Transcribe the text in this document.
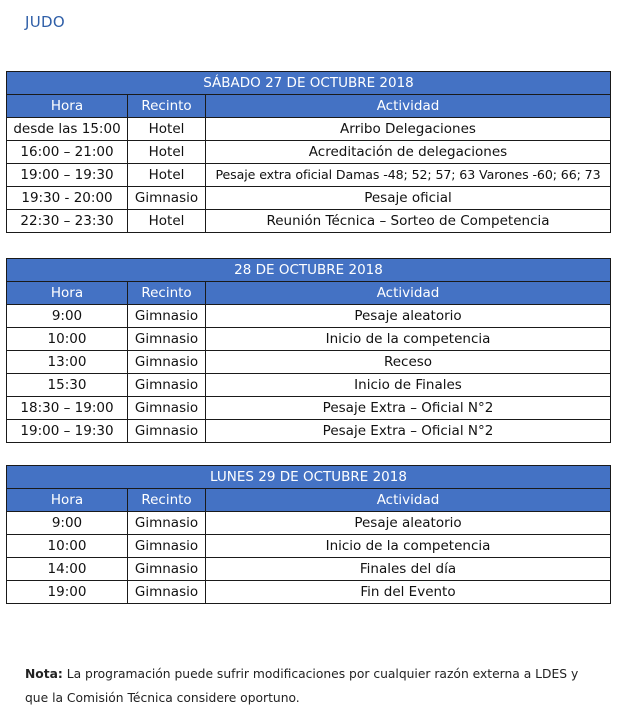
JUDO
SÁBADO 27 DE OCTUBRE 2018		
Hora	Recinto	Actividad
desde las 15:00	Hotel	Arribo Delegaciones
16:00 – 21:00	Hotel	Acreditación de delegaciones
19:00 – 19:30	Hotel	Pesaje extra oficial Damas -48; 52; 57; 63 Varones -60; 66; 73
19:30 - 20:00	Gimnasio	Pesaje oficial
22:30 – 23:30	Hotel	Reunión Técnica – Sorteo de Competencia
28 DE OCTUBRE 2018		
Hora	Recinto	Actividad
9:00	Gimnasio	Pesaje aleatorio
10:00	Gimnasio	Inicio de la competencia
13:00	Gimnasio	Receso
15:30	Gimnasio	Inicio de Finales
18:30 – 19:00	Gimnasio	Pesaje Extra – Oficial N°2
19:00 – 19:30	Gimnasio	Pesaje Extra – Oficial N°2
LUNES 29 DE OCTUBRE 2018		
Hora	Recinto	Actividad
9:00	Gimnasio	Pesaje aleatorio
10:00	Gimnasio	Inicio de la competencia
14:00	Gimnasio	Finales del día
19:00	Gimnasio	Fin del Evento
Nota: La programación puede sufrir modificaciones por cualquier razón externa a LDES y que la Comisión Técnica considere oportuno.
